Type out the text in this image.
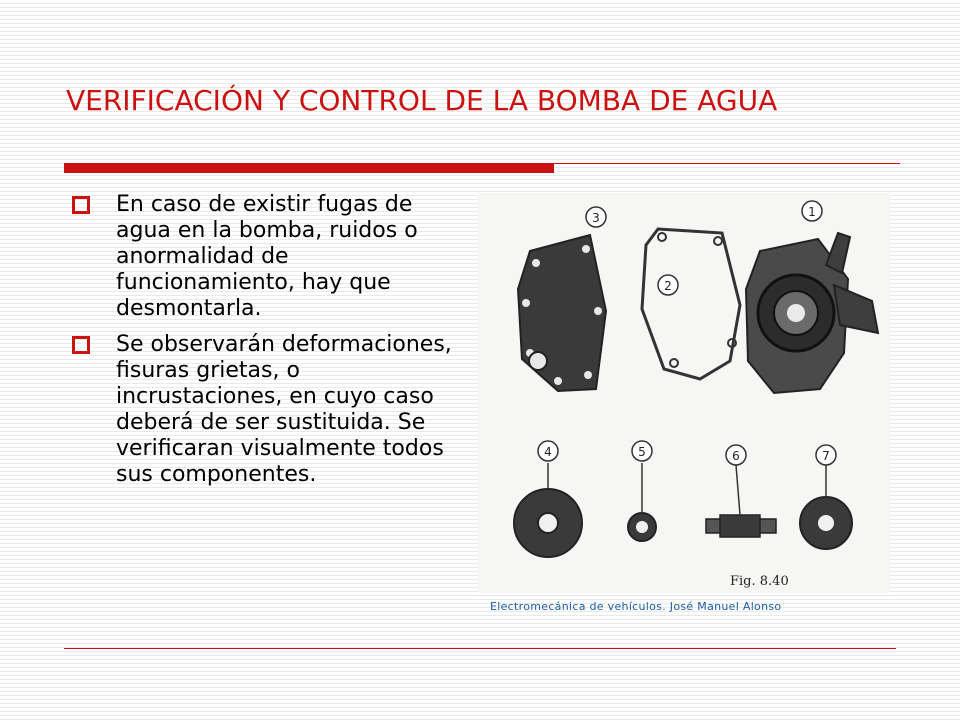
VERIFICACIÓN Y CONTROL DE LA BOMBA DE AGUA
En caso de existir fugas de agua en la bomba, ruidos o anormalidad de funcionamiento, hay que desmontarla.
Se observarán deformaciones, fisuras grietas, o incrustaciones, en cuyo caso deberá de ser sustituida. Se verificaran visualmente todos sus componentes.
3
2
1
4	5	6	7
Fig. 8.40
Electromecánica de vehículos. José Manuel Alonso
